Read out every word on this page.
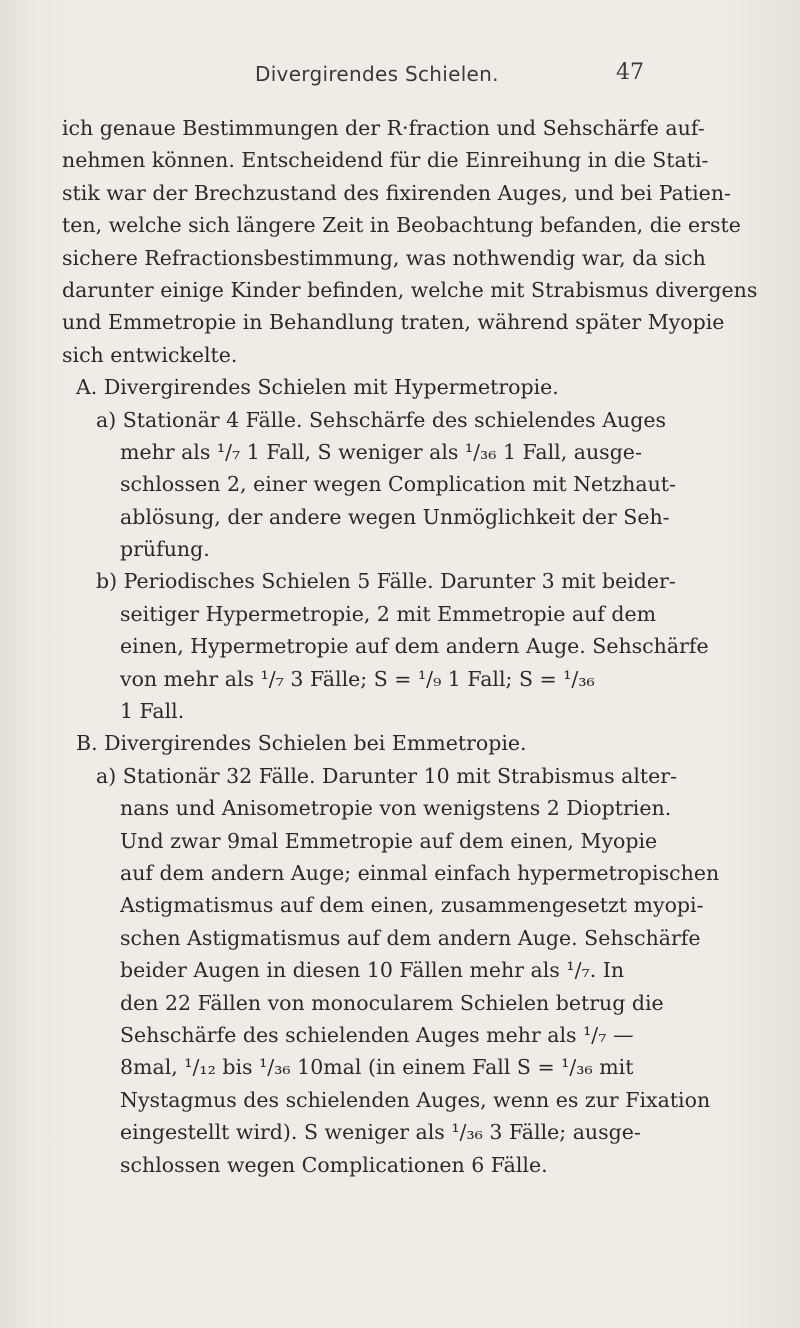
Divergirendes Schielen.	47
ich genaue Bestimmungen der R·fraction und Sehschärfe auf-
nehmen können. Entscheidend für die Einreihung in die Stati-
stik war der Brechzustand des fixirenden Auges, und bei Patien-
ten, welche sich längere Zeit in Beobachtung befanden, die erste
sichere Refractionsbestimmung, was nothwendig war, da sich
darunter einige Kinder befinden, welche mit Strabismus divergens
und Emmetropie in Behandlung traten, während später Myopie
sich entwickelte.
A. Divergirendes Schielen mit Hypermetropie.
a) Stationär 4 Fälle. Sehschärfe des schielendes Auges
mehr als ¹/₇ 1 Fall, S weniger als ¹/₃₆ 1 Fall, ausge-
schlossen 2, einer wegen Complication mit Netzhaut-
ablösung, der andere wegen Unmöglichkeit der Seh-
prüfung.
b) Periodisches Schielen 5 Fälle. Darunter 3 mit beider-
seitiger Hypermetropie, 2 mit Emmetropie auf dem
einen, Hypermetropie auf dem andern Auge. Sehschärfe
von mehr als ¹/₇ 3 Fälle; S = ¹/₉ 1 Fall; S = ¹/₃₆
1 Fall.
B. Divergirendes Schielen bei Emmetropie.
a) Stationär 32 Fälle. Darunter 10 mit Strabismus alter-
nans und Anisometropie von wenigstens 2 Dioptrien.
Und zwar 9mal Emmetropie auf dem einen, Myopie
auf dem andern Auge; einmal einfach hypermetropischen
Astigmatismus auf dem einen, zusammengesetzt myopi-
schen Astigmatismus auf dem andern Auge. Sehschärfe
beider Augen in diesen 10 Fällen mehr als ¹/₇. In
den 22 Fällen von monocularem Schielen betrug die
Sehschärfe des schielenden Auges mehr als ¹/₇ —
8mal, ¹/₁₂ bis ¹/₃₆ 10mal (in einem Fall S = ¹/₃₆ mit
Nystagmus des schielenden Auges, wenn es zur Fixation
eingestellt wird). S weniger als ¹/₃₆ 3 Fälle; ausge-
schlossen wegen Complicationen 6 Fälle.
